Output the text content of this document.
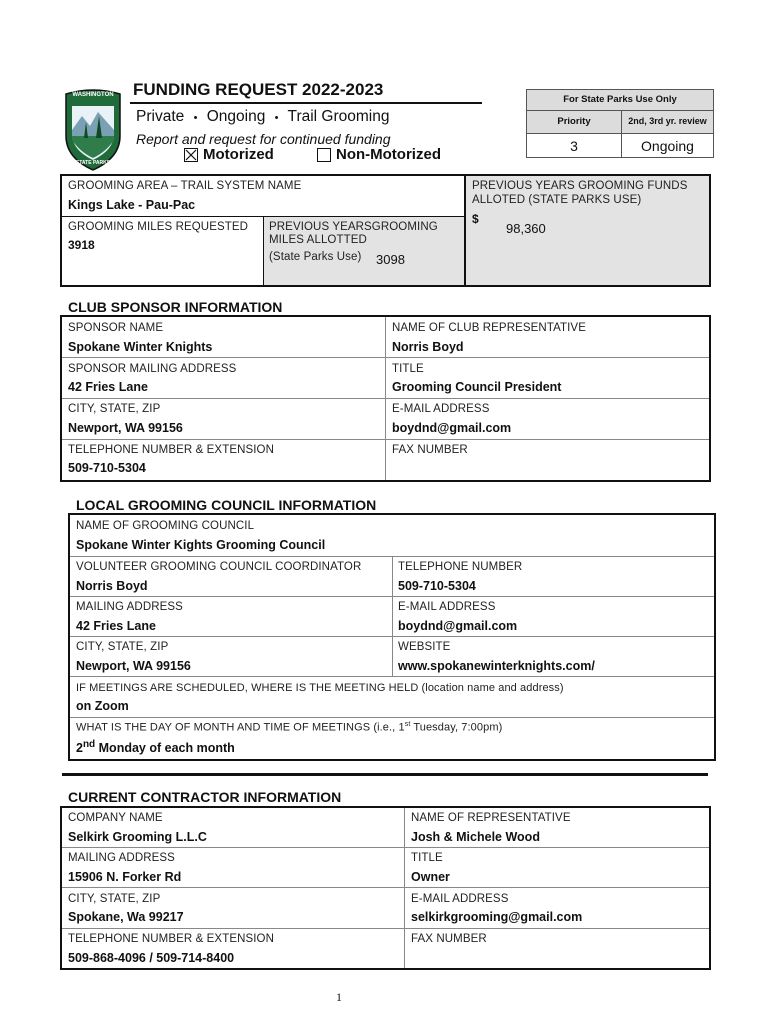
WASHINGTON
STATE PARKS
FUNDING REQUEST 2022-2023
Private • Ongoing • Trail Grooming
Report and request for continued funding
Motorized	Non-Motorized
For State Parks Use Only
Priority	2nd, 3rd yr. review
3	Ongoing
GROOMING AREA – TRAIL SYSTEM NAME
Kings Lake - Pau-Pac
GROOMING MILES REQUESTED
3918
PREVIOUS YEARSGROOMING
MILES ALLOTTED
(State Parks Use) 3098
PREVIOUS YEARS GROOMING FUNDS
ALLOTED (STATE PARKS USE)
$
98,360
CLUB SPONSOR INFORMATION
SPONSOR NAME
Spokane Winter Knights
NAME OF CLUB REPRESENTATIVE
Norris Boyd
SPONSOR MAILING ADDRESS
42 Fries Lane
TITLE
Grooming Council President
CITY, STATE, ZIP
Newport, WA 99156
E-MAIL ADDRESS
boydnd@gmail.com
TELEPHONE NUMBER & EXTENSION
509-710-5304
FAX NUMBER
LOCAL GROOMING COUNCIL INFORMATION
NAME OF GROOMING COUNCIL
Spokane Winter Kights Grooming Council
VOLUNTEER GROOMING COUNCIL COORDINATOR
Norris Boyd
TELEPHONE NUMBER
509-710-5304
MAILING ADDRESS
42 Fries Lane
E-MAIL ADDRESS
boydnd@gmail.com
CITY, STATE, ZIP
Newport, WA 99156
WEBSITE
www.spokanewinterknights.com/
IF MEETINGS ARE SCHEDULED, WHERE IS THE MEETING HELD (location name and address)
on Zoom
WHAT IS THE DAY OF MONTH AND TIME OF MEETINGS (i.e., 1st Tuesday, 7:00pm)
2nd Monday of each month
CURRENT CONTRACTOR INFORMATION
COMPANY NAME
Selkirk Grooming L.L.C
NAME OF REPRESENTATIVE
Josh & Michele Wood
MAILING ADDRESS
15906 N. Forker Rd
TITLE
Owner
CITY, STATE, ZIP
Spokane, Wa 99217
E-MAIL ADDRESS
selkirkgrooming@gmail.com
TELEPHONE NUMBER & EXTENSION
509-868-4096 / 509-714-8400
FAX NUMBER
1
